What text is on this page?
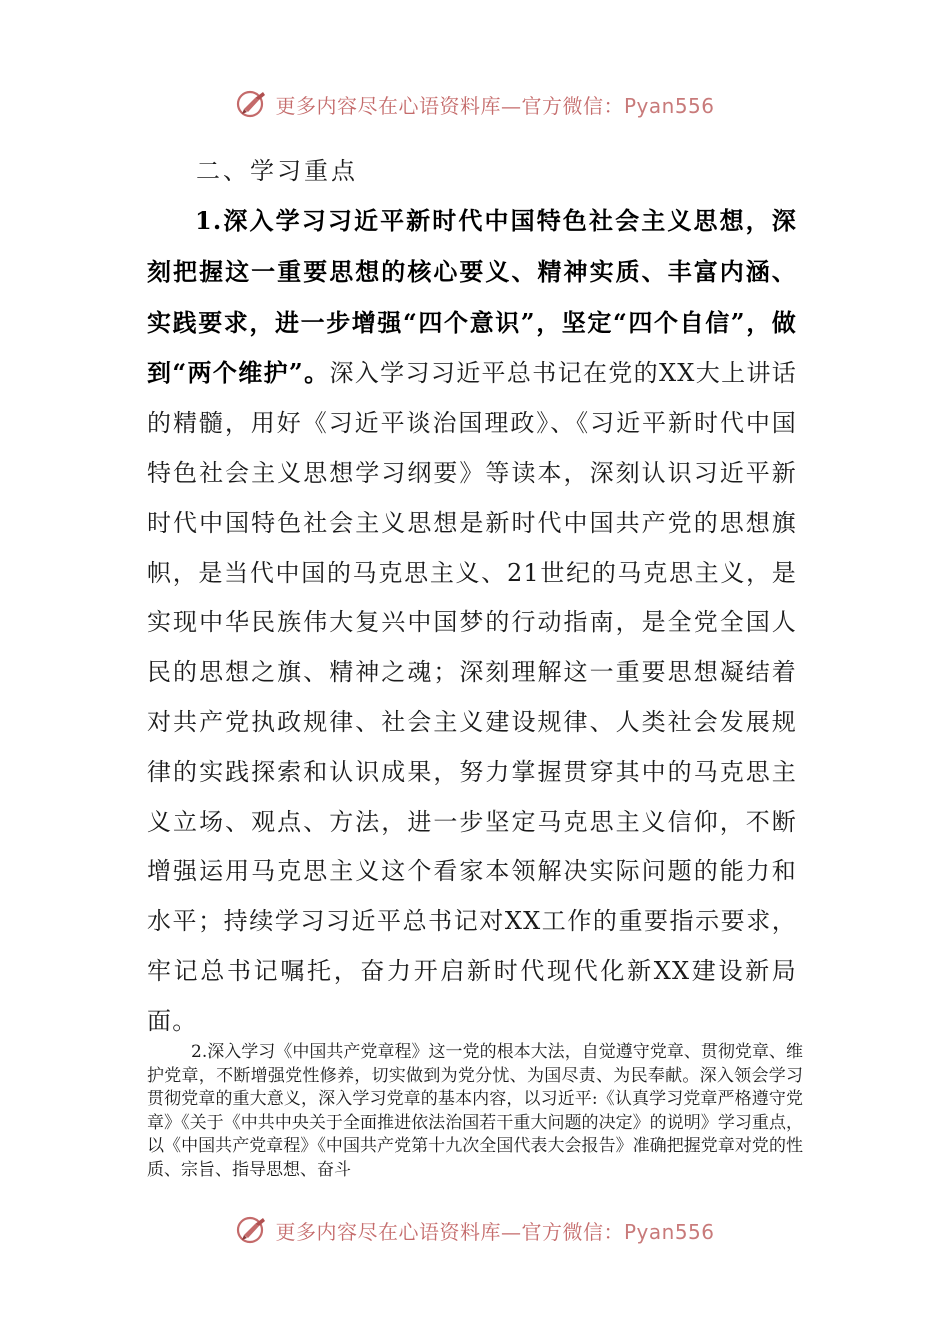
更多内容尽在心语资料库—官方微信：Pyan556
二、学习重点

1.深入学习习近平新时代中国特色社会主义思想，深刻把握这一重要思想的核心要义、精神实质、丰富内涵、实践要求，进一步增强“四个意识”，坚定“四个自信”，做到“两个维护”。深入学习习近平总书记在党的XX大上讲话的精髓，用好《习近平谈治国理政》、《习近平新时代中国特色社会主义思想学习纲要》等读本，深刻认识习近平新时代中国特色社会主义思想是新时代中国共产党的思想旗帜，是当代中国的马克思主义、21世纪的马克思主义，是实现中华民族伟大复兴中国梦的行动指南，是全党全国人民的思想之旗、精神之魂；深刻理解这一重要思想凝结着对共产党执政规律、社会主义建设规律、人类社会发展规律的实践探索和认识成果，努力掌握贯穿其中的马克思主义立场、观点、方法，进一步坚定马克思主义信仰，不断增强运用马克思主义这个看家本领解决实际问题的能力和水平；持续学习习近平总书记对XX工作的重要指示要求，牢记总书记嘱托，奋力开启新时代现代化新XX建设新局面。

2.深入学习《中国共产党章程》这一党的根本大法，自觉遵守党章、贯彻党章、维护党章，不断增强党性修养，切实做到为党分忧、为国尽责、为民奉献。深入领会学习贯彻党章的重大意义，深入学习党章的基本内容，以习近平:《认真学习党章严格遵守党章》《关于《中共中央关于全面推进依法治国若干重大问题的决定》的说明》学习重点，以《中国共产党章程》《中国共产党第十九次全国代表大会报告》准确把握党章对党的性质、宗旨、指导思想、奋斗

更多内容尽在心语资料库—官方微信：Pyan556
